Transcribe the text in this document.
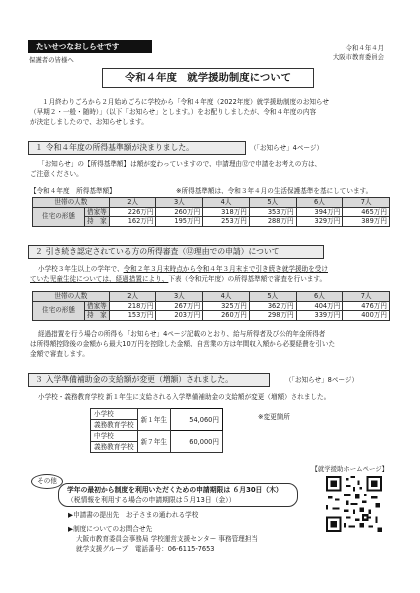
たいせつなおしらせです
保護者の皆様へ
令和４年４月
大阪市教育委員会
令和４年度　就学援助制度について
１月終わりごろから２月始めごろに学校から「令和４年度（2022年度）就学援助制度のお知らせ
（早期２・一般・随時）」（以下「お知らせ」とします。）をお配りしましたが、令和４年度の内容
が決定しましたので、お知らせします。
１ 令和４年度の所得基準額が決まりました。	（「お知らせ」4ページ）
「お知らせ」の【所得基準額】は額が変わっていますので、申請理由⑫で申請をお考えの方は、
ご注意ください。
【令和４年度　所得基準額】	※所得基準額は、令和３年４月の生活保護基準を基にしています。
世帯の人数		2人	3人	4人	5人	6人	7人
住宅の形態	借家等	226万円	260万円	318万円	353万円	394万円	465万円
	持　家	162万円	195万円	253万円	288万円	329万円	389万円
２ 引き続き認定されている方の所得審査（⑫理由での申請）について
小学校３年生以上の学年で、令和２年３月末時点から令和４年３月末まで引き続き就学援助を受け
ていた児童生徒については、経過措置により、下表（令和元年度）の所得基準額で審査を行います。
世帯の人数		2人	3人	4人	5人	6人	7人
住宅の形態	借家等	218万円	267万円	325万円	362万円	404万円	476万円
	持　家	153万円	203万円	260万円	298万円	339万円	400万円
経過措置を行う場合の所得も「お知らせ」4ページ記載のとおり、給与所得者及び公的年金所得者
は所得額控除後の金額から最大10万円を控除した金額、自営業の方は年間収入額から必要経費を引いた
金額で審査します。
３ 入学準備補助金の支給額が変更（増額）されました。	（「お知らせ」8ページ）
小学校・義務教育学校 新１年生に支給される入学準備補助金の支給額が変更（増額）されました。
小学校	新１年生	54,060円
義務教育学校		
中学校	新７年生	60,000円
義務教育学校		
※変更箇所
【就学援助ホームページ】
その他
学年の最初から制度を利用いただくための申請期限は ６月30日（木）
（税情報を利用する場合の申請期限は５月13日（金））
▶申請書の提出先　お子さまの通われる学校
▶制度についてのお問合せ先
大阪市教育委員会事務局 学校運営支援センター 事務管理担当
就学支援グループ　電話番号：06-6115-7653
